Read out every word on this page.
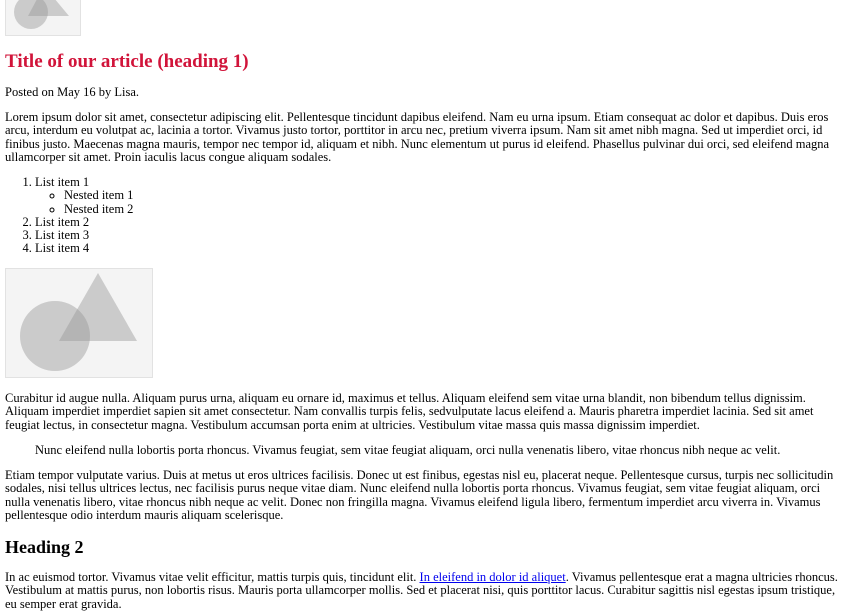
Title of our article (heading 1)

Posted on May 16 by Lisa.

Lorem ipsum dolor sit amet, consectetur adipiscing elit. Pellentesque tincidunt dapibus eleifend. Nam eu urna ipsum. Etiam consequat ac dolor et dapibus. Duis eros arcu, interdum eu volutpat ac, lacinia a tortor. Vivamus justo tortor, porttitor in arcu nec, pretium viverra ipsum. Nam sit amet nibh magna. Sed ut imperdiet orci, id finibus justo. Maecenas magna mauris, tempor nec tempor id, aliquam et nibh. Nunc elementum ut purus id eleifend. Phasellus pulvinar dui orci, sed eleifend magna ullamcorper sit amet. Proin iaculis lacus congue aliquam sodales.

1. List item 1
◦ Nested item 1
◦ Nested item 2
2. List item 2
3. List item 3
4. List item 4

Curabitur id augue nulla. Aliquam purus urna, aliquam eu ornare id, maximus et tellus. Aliquam eleifend sem vitae urna blandit, non bibendum tellus dignissim. Aliquam imperdiet imperdiet sapien sit amet consectetur. Nam convallis turpis felis, sedvulputate lacus eleifend a. Mauris pharetra imperdiet lacinia. Sed sit amet feugiat lectus, in consectetur magna. Vestibulum accumsan porta enim at ultricies. Vestibulum vitae massa quis massa dignissim imperdiet.

Nunc eleifend nulla lobortis porta rhoncus. Vivamus feugiat, sem vitae feugiat aliquam, orci nulla venenatis libero, vitae rhoncus nibh neque ac velit.

Etiam tempor vulputate varius. Duis at metus ut eros ultrices facilisis. Donec ut est finibus, egestas nisl eu, placerat neque. Pellentesque cursus, turpis nec sollicitudin sodales, nisi tellus ultrices lectus, nec facilisis purus neque vitae diam. Nunc eleifend nulla lobortis porta rhoncus. Vivamus feugiat, sem vitae feugiat aliquam, orci nulla venenatis libero, vitae rhoncus nibh neque ac velit. Donec non fringilla magna. Vivamus eleifend ligula libero, fermentum imperdiet arcu viverra in. Vivamus pellentesque odio interdum mauris aliquam scelerisque.

Heading 2

In ac euismod tortor. Vivamus vitae velit efficitur, mattis turpis quis, tincidunt elit. In eleifend in dolor id aliquet. Vivamus pellentesque erat a magna ultricies rhoncus. Vestibulum at mattis purus, non lobortis risus. Mauris porta ullamcorper mollis. Sed et placerat nisi, quis porttitor lacus. Curabitur sagittis nisl egestas ipsum tristique, eu semper erat gravida.
